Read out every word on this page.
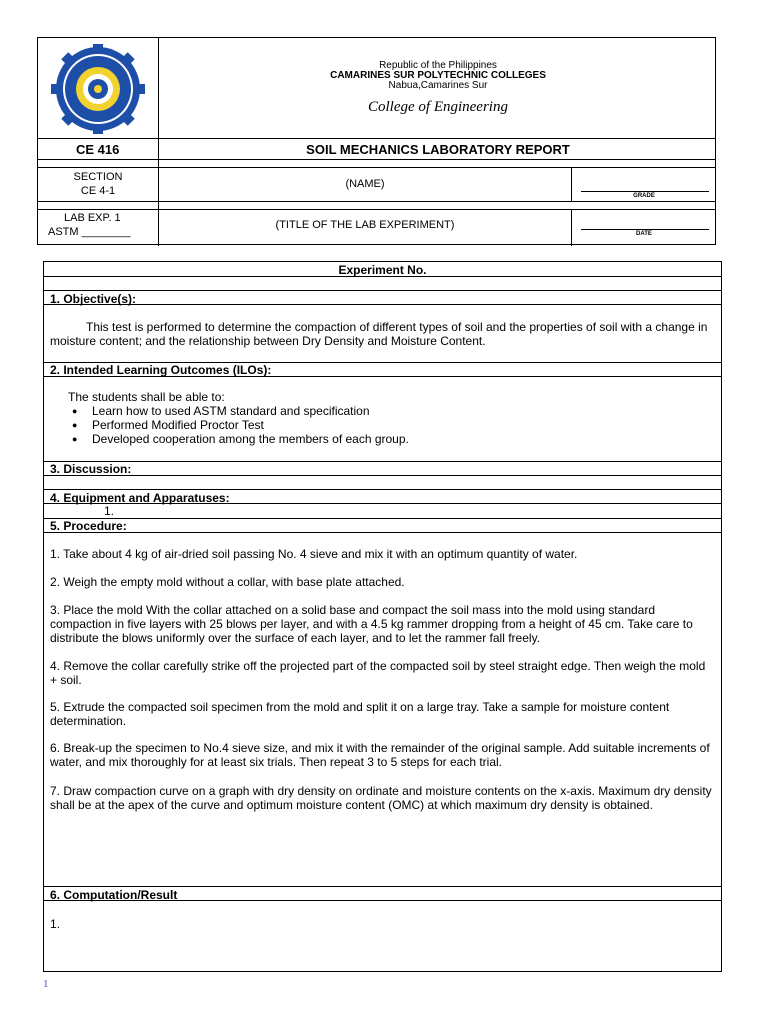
Republic of the Philippines
CAMARINES SUR POLYTECHNIC COLLEGES
Nabua,Camarines Sur
College of Engineering
CE 416	SOIL MECHANICS LABORATORY REPORT
SECTION
CE 4-1
(NAME)
GRADE
LAB EXP. 1
ASTM ________
(TITLE OF THE LAB EXPERIMENT)
DATE
Experiment No.
1. Objective(s):
This test is performed to determine the compaction of different types of soil and the properties of soil with a change in moisture content; and the relationship between Dry Density and Moisture Content.
2. Intended Learning Outcomes (ILOs):
The students shall be able to:
● Learn how to used ASTM standard and specification
● Performed Modified Proctor Test
● Developed cooperation among the members of each group.
3. Discussion:
4. Equipment and Apparatuses:
1.
5. Procedure:
1. Take about 4 kg of air-dried soil passing No. 4 sieve and mix it with an optimum quantity of water.
2. Weigh the empty mold without a collar, with base plate attached.
3. Place the mold With the collar attached on a solid base and compact the soil mass into the mold using standard compaction in five layers with 25 blows per layer, and with a 4.5 kg rammer dropping from a height of 45 cm. Take care to distribute the blows uniformly over the surface of each layer, and to let the rammer fall freely.
4. Remove the collar carefully strike off the projected part of the compacted soil by steel straight edge. Then weigh the mold + soil.
5. Extrude the compacted soil specimen from the mold and split it on a large tray. Take a sample for moisture content determination.
6. Break-up the specimen to No.4 sieve size, and mix it with the remainder of the original sample. Add suitable increments of water, and mix thoroughly for at least six trials. Then repeat 3 to 5 steps for each trial.
7. Draw compaction curve on a graph with dry density on ordinate and moisture contents on the x-axis. Maximum dry density shall be at the apex of the curve and optimum moisture content (OMC) at which maximum dry density is obtained.
6. Computation/Result
1.
1
